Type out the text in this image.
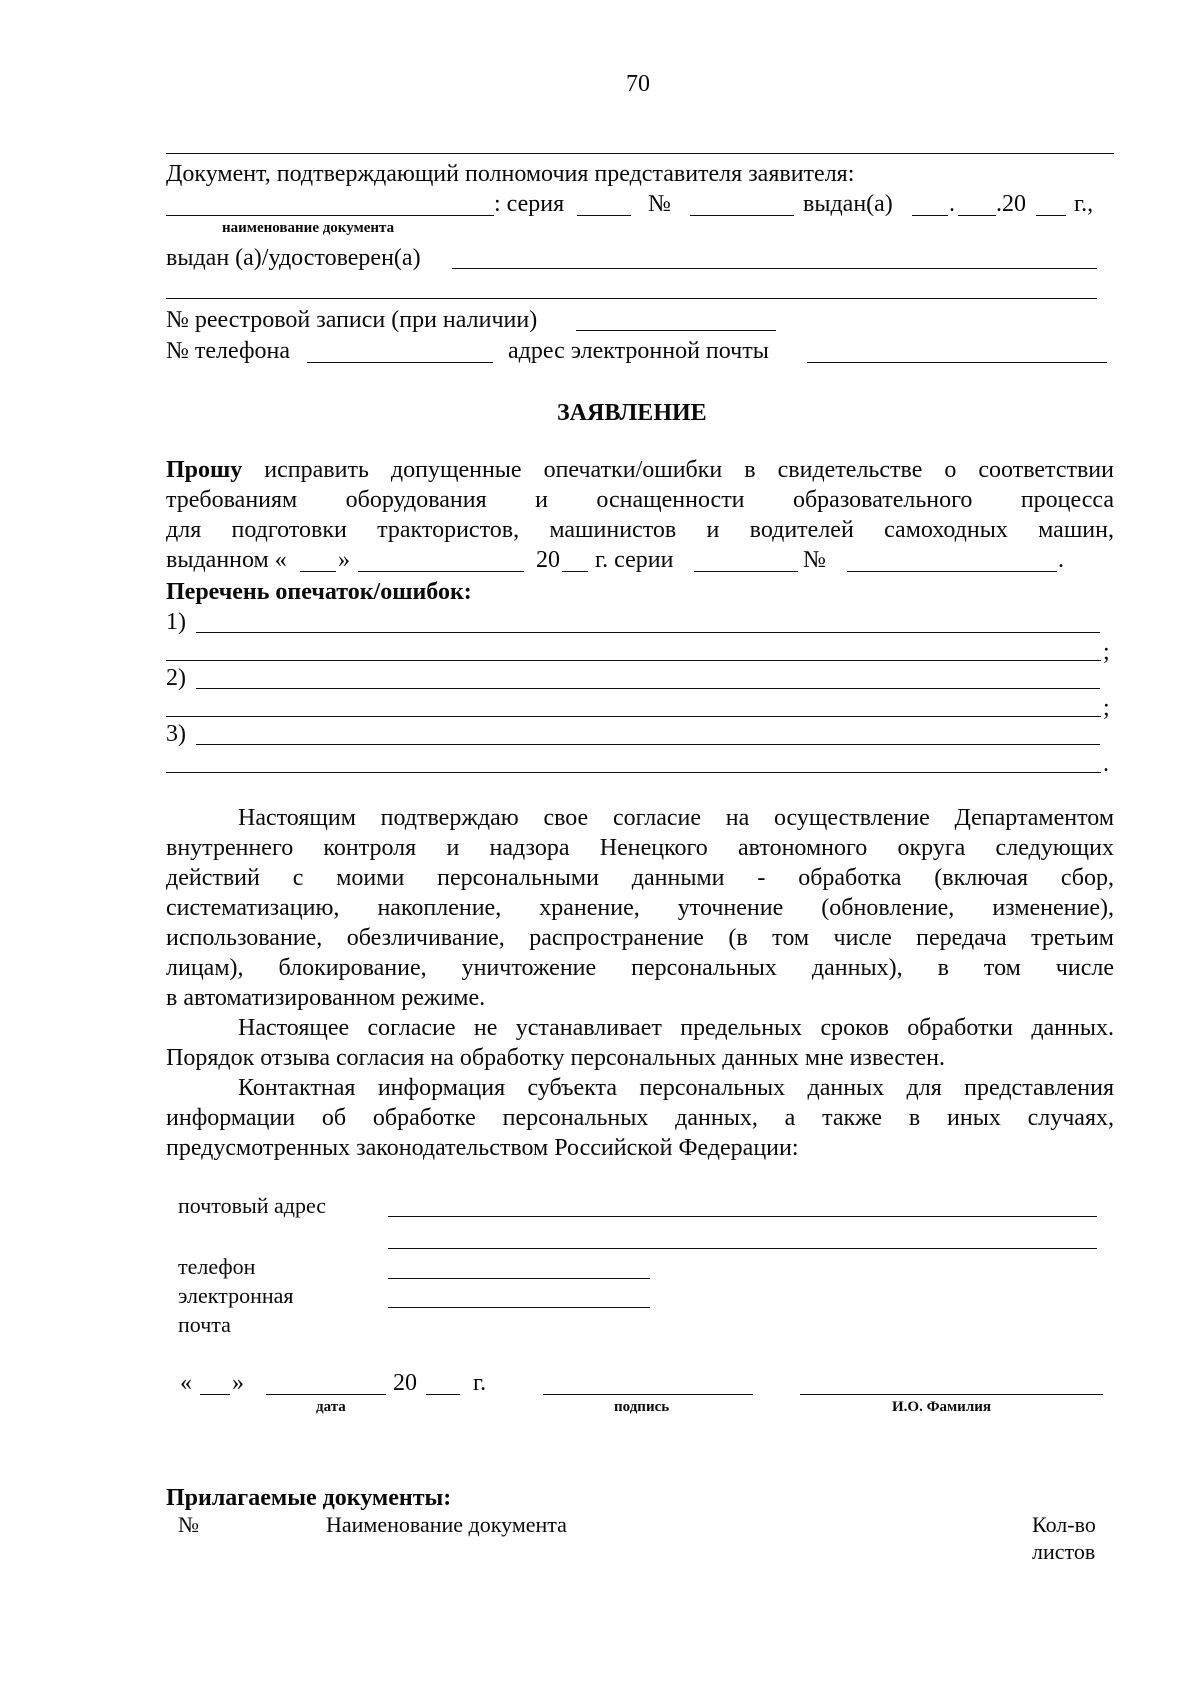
70
Документ, подтверждающий полномочия представителя заявителя:
: серия	№	выдан(а) . .20 г.,
наименование документа
выдан (а)/удостоверен(а)
№ реестровой записи (при наличии)
№ телефона	адрес электронной почты
ЗАЯВЛЕНИЕ
Прошу исправить допущенные опечатки/ошибки в свидетельстве о соответствии
требованиям оборудования и оснащенности образовательного процесса
для подготовки трактористов, машинистов и водителей самоходных машин,
выданном « »	20 г. серии	№	.
Перечень опечаток/ошибок:
1)
;
2)
;
3)
.
Настоящим подтверждаю свое согласие на осуществление Департаментом
внутреннего контроля и надзора Ненецкого автономного округа следующих
действий с моими персональными данными - обработка (включая сбор,
систематизацию, накопление, хранение, уточнение (обновление, изменение),
использование, обезличивание, распространение (в том числе передача третьим
лицам), блокирование, уничтожение персональных данных), в том числе
в автоматизированном режиме.
Настоящее согласие не устанавливает предельных сроков обработки данных.
Порядок отзыва согласия на обработку персональных данных мне известен.
Контактная информация субъекта персональных данных для представления
информации об обработке персональных данных, а также в иных случаях,
предусмотренных законодательством Российской Федерации:
почтовый адрес
телефон
электронная
почта
« »	20 г.
дата	подпись	И.О. Фамилия
Прилагаемые документы:
№	Наименование документа	Кол-во
листов
